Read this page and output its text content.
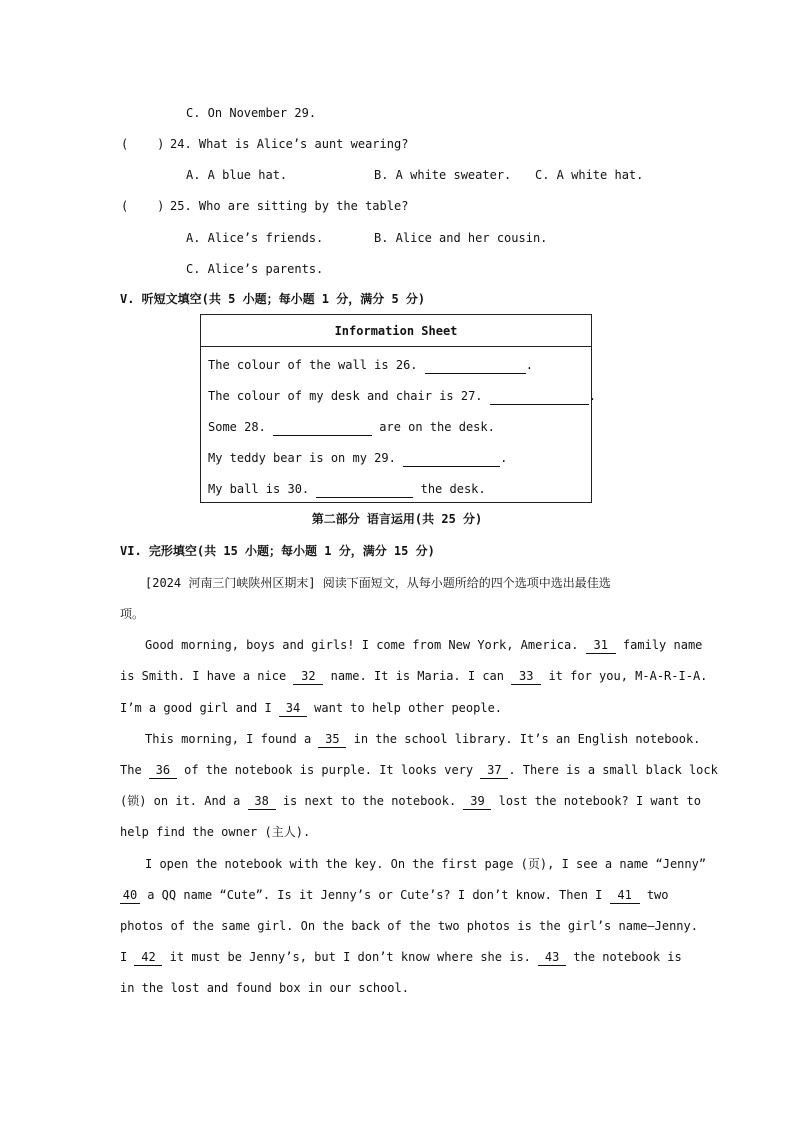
C. On November 29.
(    ) 24. What is Alice’s aunt wearing?
A. A blue hat.	B. A white sweater. C. A white hat.
(    ) 25. Who are sitting by the table?
A. Alice’s friends.	B. Alice and her cousin.
C. Alice’s parents.
V. 听短文填空(共 5 小题；每小题 1 分，满分 5 分)
Information Sheet
The colour of the wall is 26.	.
The colour of my desk and chair is 27.	.
Some 28.	are on the desk.
My teddy bear is on my 29.	.
My ball is 30.	the desk.
第二部分 语言运用(共 25 分)
VI. 完形填空(共 15 小题；每小题 1 分，满分 15 分)
[2024 河南三门峡陕州区期末] 阅读下面短文，从每小题所给的四个选项中选出最佳选
项。
Good morning, boys and girls! I come from New York, America. 31 family name
is Smith. I have a nice 32 name. It is Maria. I can 33 it for you, M-A-R-I-A.
I’m a good girl and I 34 want to help other people.
This morning, I found a 35 in the school library. It’s an English notebook.
The 36 of the notebook is purple. It looks very 37 . There is a small black lock
(锁) on it. And a 38 is next to the notebook. 39 lost the notebook? I want to
help find the owner (主人).
I open the notebook with the key. On the first page (页), I see a name “Jenny”
40 a QQ name “Cute”. Is it Jenny’s or Cute’s? I don’t know. Then I 41 two
photos of the same girl. On the back of the two photos is the girl’s name—Jenny.
I 42 it must be Jenny’s, but I don’t know where she is. 43 the notebook is
in the lost and found box in our school.
